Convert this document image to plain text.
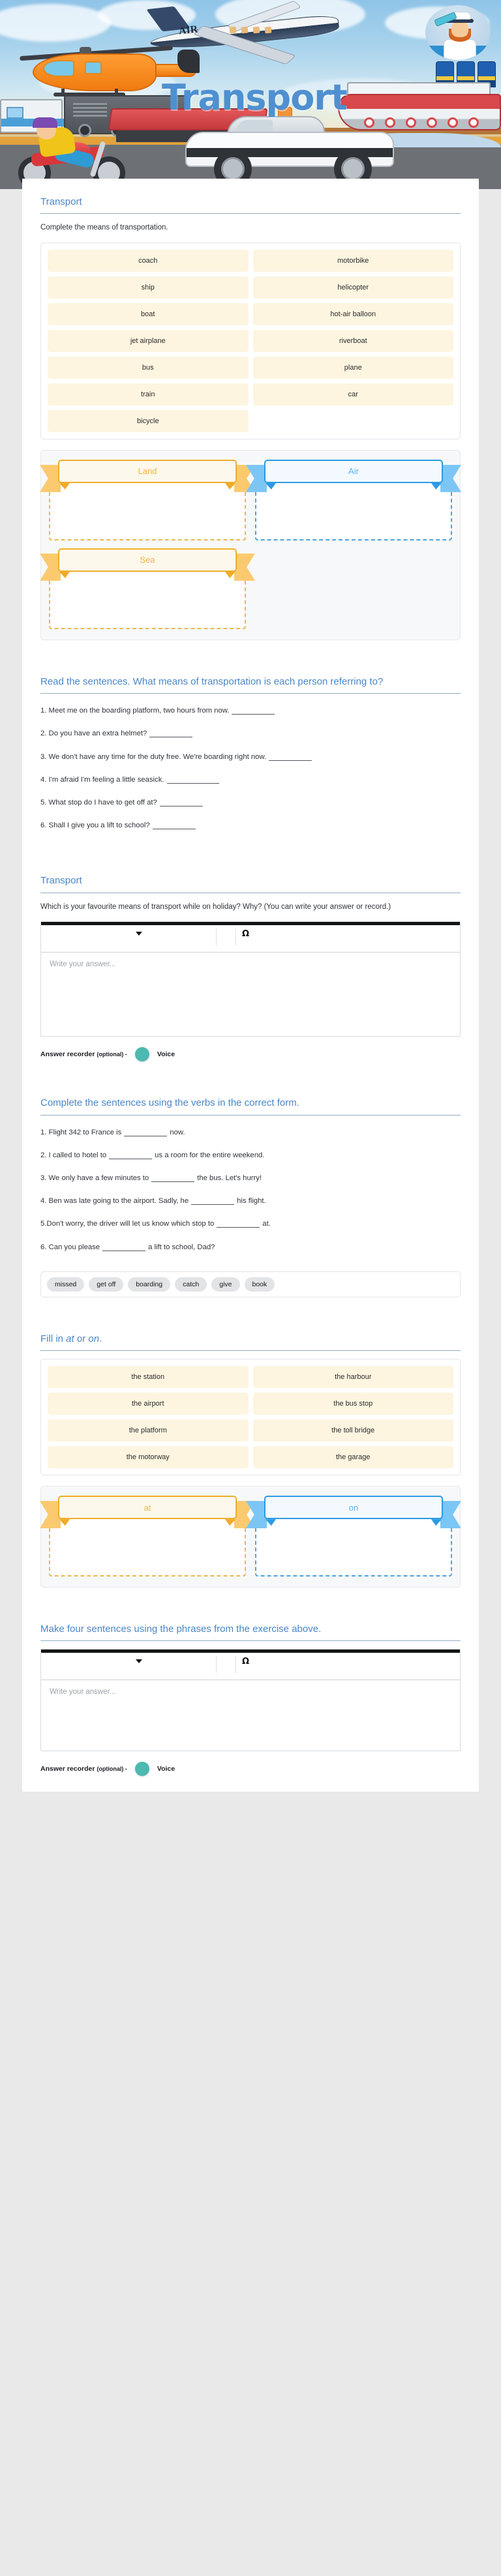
AIR
Transport
Transport
Complete the means of transportation.
coach	motorbike
ship	helicopter
boat	hot-air balloon
jet airplane	riverboat
bus	plane
train	car
bicycle
Land	Air
Sea
Read the sentences. What means of transportation is each person referring to?
1. Meet me on the boarding platform, two hours from now.
2. Do you have an extra helmet?
3. We don't have any time for the duty free. We're boarding right now.
4. I'm afraid I'm feeling a little seasick.
5. What stop do I have to get off at?
6. Shall I give you a lift to school?
Transport
Which is your favourite means of transport while on holiday? Why? (You can write your answer or record.)
Ω
Write your answer...
Answer recorder
(optional) -	Voice
Complete the sentences using the verbs in the correct form.
1. Flight 342 to France is	now.
2. I called to hotel to	us a room for the entire weekend.
3. We only have a few minutes to	the bus. Let's hurry!
4. Ben was late going to the airport. Sadly, he	his flight.
5.Don't worry, the driver will let us know which stop to	at.
6. Can you please	a lift to school, Dad?
missed	get off	boarding	catch	give	book
Fill in at or on.
the station	the harbour
the airport	the bus stop
the platform	the toll bridge
the motorway	the garage
at	on
Make four sentences using the phrases from the exercise above.
Ω
Write your answer...
Answer recorder
(optional) -	Voice
